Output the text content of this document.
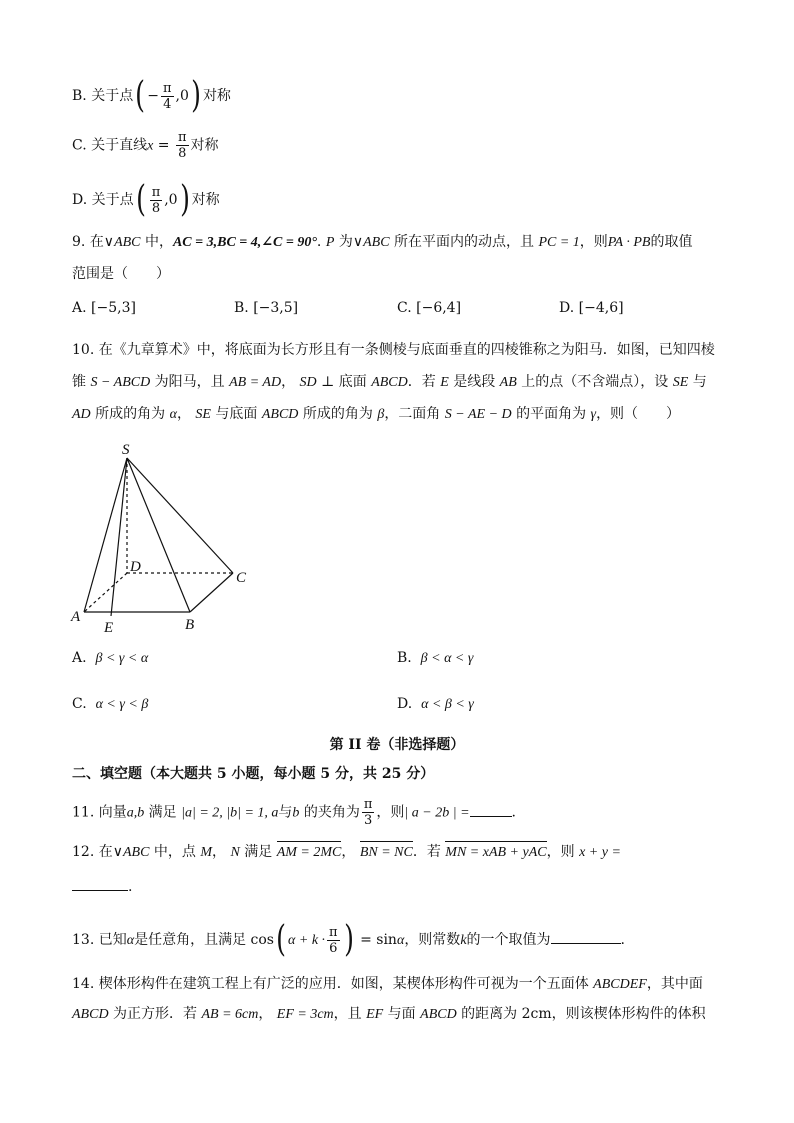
B. 关于点( − $\frac{\pi}{4} ,0$) 对称
C. 关于直线$x = \frac{\pi}{8}$ 对称
D. 关于点( $\frac{\pi}{8} ,0$) 对称
9. 在∨ABC 中，AC = 3,BC = 4,∠C = 90°. P 为∨ABC 所在平面内的动点，且 PC = 1，则PA · PB的取值
范围是（　　）
A. [−5,3]	B. [−3,5]	C. [−6,4]	D. [−4,6]
10. 在《九章算术》中，将底面为长方形且有一条侧棱与底面垂直的四棱锥称之为阳马．如图，已知四棱
锥 S − ABCD 为阳马，且 AB = AD， SD ⊥ 底面 ABCD．若 E 是线段 AB 上的点（不含端点），设 SE 与
AD 所成的角为 α， SE 与底面 ABCD 所成的角为 β，二面角 S − AE − D 的平面角为 γ，则（　　）
S
D
C
A
E	B
A. β < γ < α	B. β < α < γ
C. α < γ < β	D. α < β < γ
第 II 卷（非选择题）
二、填空题（本大题共 5 小题，每小题 5 分，共 25 分）
11. 向量a,b 满足 |a| = 2, |b| = 1, a与b 的夹角为 $\frac{\pi}{3}$ ，则| a − 2b | =	.
12. 在∨ABC 中，点 M， N 满足 AM = 2MC， BN = NC．若 MN = xAB + yAC，则 x + y =
.
13. 已知α是任意角，且满足 cos( $\alpha + k \cdot \frac{\pi}{6}$ ) = sinα，则常数k的一个取值为	.
14. 楔体形构件在建筑工程上有广泛的应用．如图，某楔体形构件可视为一个五面体 ABCDEF，其中面
ABCD 为正方形．若 AB = 6cm， EF = 3cm，且 EF 与面 ABCD 的距离为 2cm，则该楔体形构件的体积
